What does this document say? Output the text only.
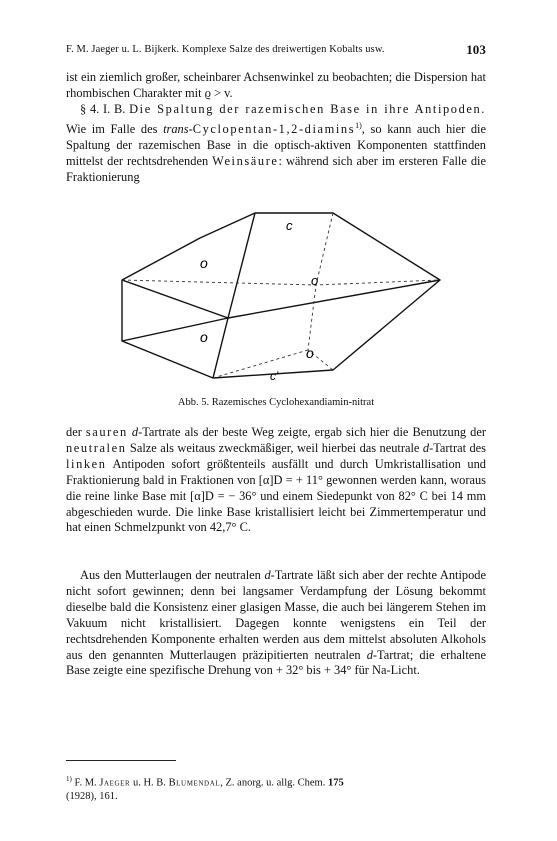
F. M. Jaeger u. L. Bijkerk. Komplexe Salze des dreiwertigen Kobalts usw.	103

ist ein ziemlich großer, scheinbarer Achsenwinkel zu beobachten; die Dispersion hat rhombischen Charakter mit ϱ > v.

§ 4. I. B. Die Spaltung der razemischen Base in ihre Antipoden. Wie im Falle des trans-Cyclopentan-1,2-diamins$^{1)}$, so kann auch hier die Spaltung der razemischen Base in die optisch-aktiven Komponenten stattfinden mittelst der rechtsdrehenden Weinsäure: während sich aber im ersteren Falle die Fraktionierung

c
o
o
o
o
c′
Abb. 5. Razemisches Cyclohexandiamin-nitrat

der sauren d-Tartrate als der beste Weg zeigte, ergab sich hier die Benutzung der neutralen Salze als weitaus zweckmäßiger, weil hierbei das neutrale d-Tartrat des linken Antipoden sofort größtenteils ausfällt und durch Umkristallisation und Fraktionierung bald in Fraktionen von [α]D = + 11° gewonnen werden kann, woraus die reine linke Base mit [α]D = − 36° und einem Siedepunkt von 82° C bei 14 mm abgeschieden wurde. Die linke Base kristallisiert leicht bei Zimmertemperatur und hat einen Schmelzpunkt von 42,7° C.

Aus den Mutterlaugen der neutralen d-Tartrate läßt sich aber der rechte Antipode nicht sofort gewinnen; denn bei langsamer Verdampfung der Lösung bekommt dieselbe bald die Konsistenz einer glasigen Masse, die auch bei längerem Stehen im Vakuum nicht kristallisiert. Dagegen konnte wenigstens ein Teil der rechtsdrehenden Komponente erhalten werden aus dem mittelst absoluten Alkohols aus den genannten Mutterlaugen präzipitierten neutralen d-Tartrat; die erhaltene Base zeigte eine spezifische Drehung von + 32° bis + 34° für Na-Licht.

$^{1)}$ F. M. Jaeger u. H. B. Blumendal, Z. anorg. u. allg. Chem. 175
(1928), 161.
